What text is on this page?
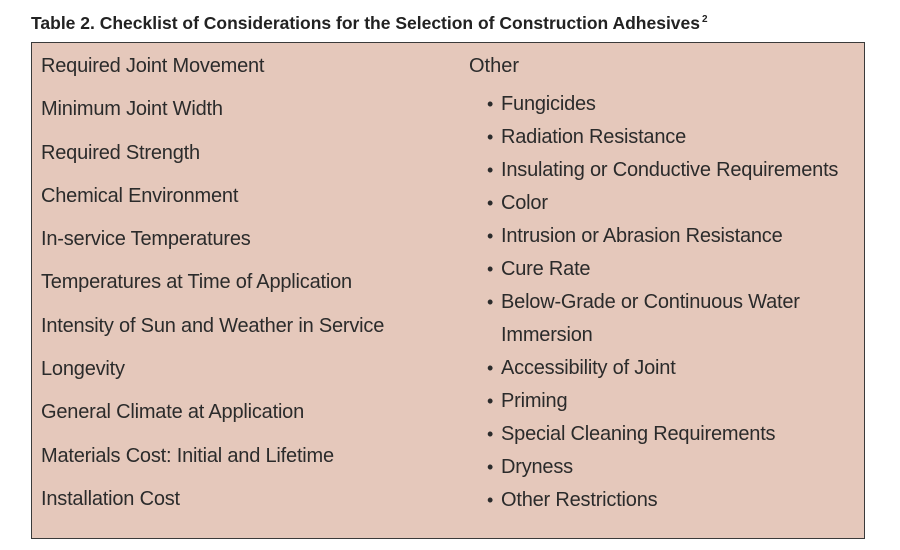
Table 2. Checklist of Considerations for the Selection of Construction Adhesives $^2$
Required Joint Movement
Minimum Joint Width
Required Strength
Chemical Environment
In-service Temperatures
Temperatures at Time of Application
Intensity of Sun and Weather in Service
Longevity
General Climate at Application
Materials Cost: Initial and Lifetime
Installation Cost
Other
• Fungicides
• Radiation Resistance
• Insulating or Conductive Requirements
• Color
• Intrusion or Abrasion Resistance
• Cure Rate
• Below-Grade or Continuous Water Immersion
• Accessibility of Joint
• Priming
• Special Cleaning Requirements
• Dryness
• Other Restrictions
